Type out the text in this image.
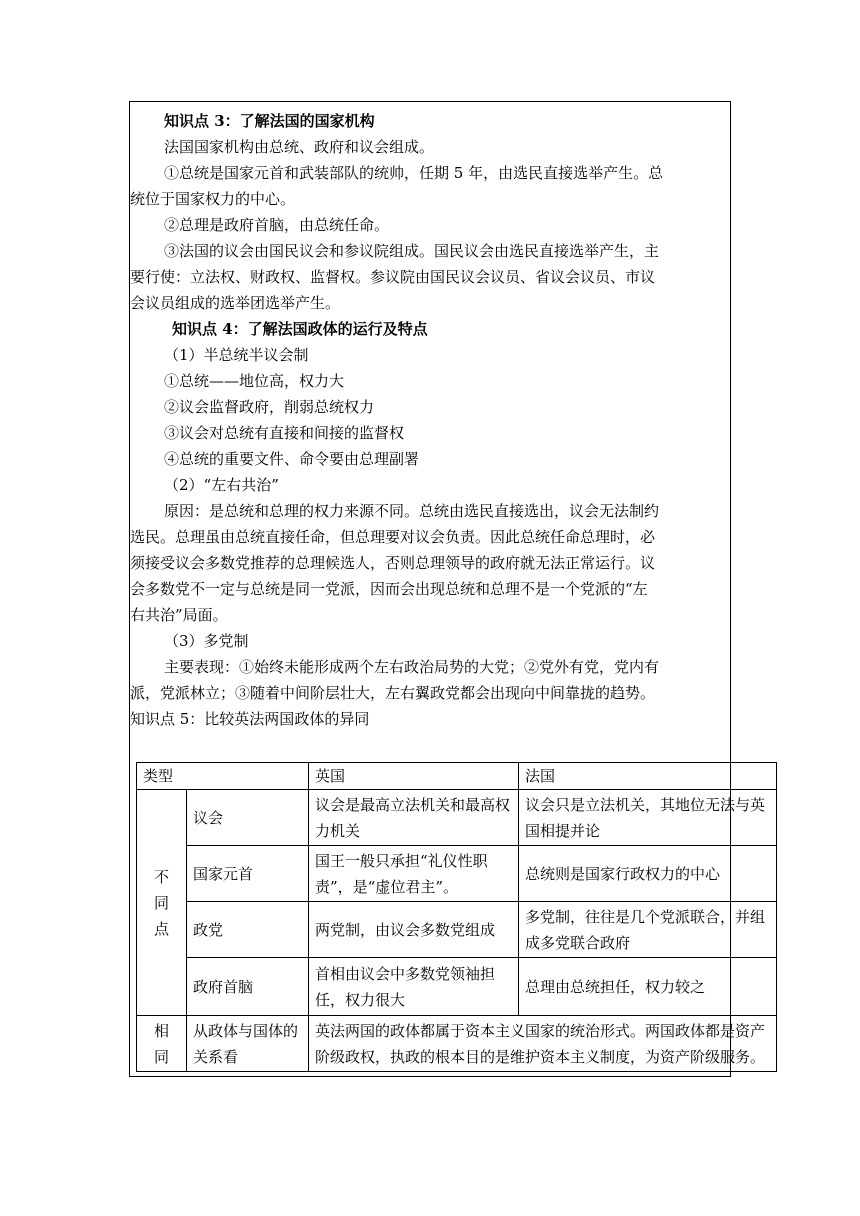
知识点 3：了解法国的国家机构
法国国家机构由总统、政府和议会组成。
①总统是国家元首和武装部队的统帅，任期 5 年，由选民直接选举产生。总
统位于国家权力的中心。
②总理是政府首脑，由总统任命。
③法国的议会由国民议会和参议院组成。国民议会由选民直接选举产生，主
要行使：立法权、财政权、监督权。参议院由国民议会议员、省议会议员、市议
会议员组成的选举团选举产生。
知识点 4：了解法国政体的运行及特点
（1）半总统半议会制
①总统——地位高，权力大
②议会监督政府，削弱总统权力
③议会对总统有直接和间接的监督权
④总统的重要文件、命令要由总理副署
（2）“左右共治”
原因：是总统和总理的权力来源不同。总统由选民直接选出，议会无法制约
选民。总理虽由总统直接任命，但总理要对议会负责。因此总统任命总理时，必
须接受议会多数党推荐的总理候选人，否则总理领导的政府就无法正常运行。议
会多数党不一定与总统是同一党派，因而会出现总统和总理不是一个党派的“左
右共治”局面。
（3）多党制
主要表现：①始终未能形成两个左右政治局势的大党；②党外有党，党内有
派，党派林立；③随着中间阶层壮大，左右翼政党都会出现向中间靠拢的趋势。
知识点 5：比较英法两国政体的异同
类型		英国	法国
不同点	议会	议会是最高立法机关和最高权力机关	议会只是立法机关，其地位无法与英国相提并论
	国家元首	国王一般只承担“礼仪性职责”，是“虚位君主”。	总统则是国家行政权力的中心
	政党	两党制，由议会多数党组成	多党制，往往是几个党派联合，并组成多党联合政府
	政府首脑	首相由议会中多数党领袖担任，权力很大	总理由总统担任，权力较之
相同	从政体与国体的关系看	英法两国的政体都属于资本主义国家的统治形式。两国政体都是资产阶级政权，执政的根本目的是维护资本主义制度，为资产阶级服务。	
